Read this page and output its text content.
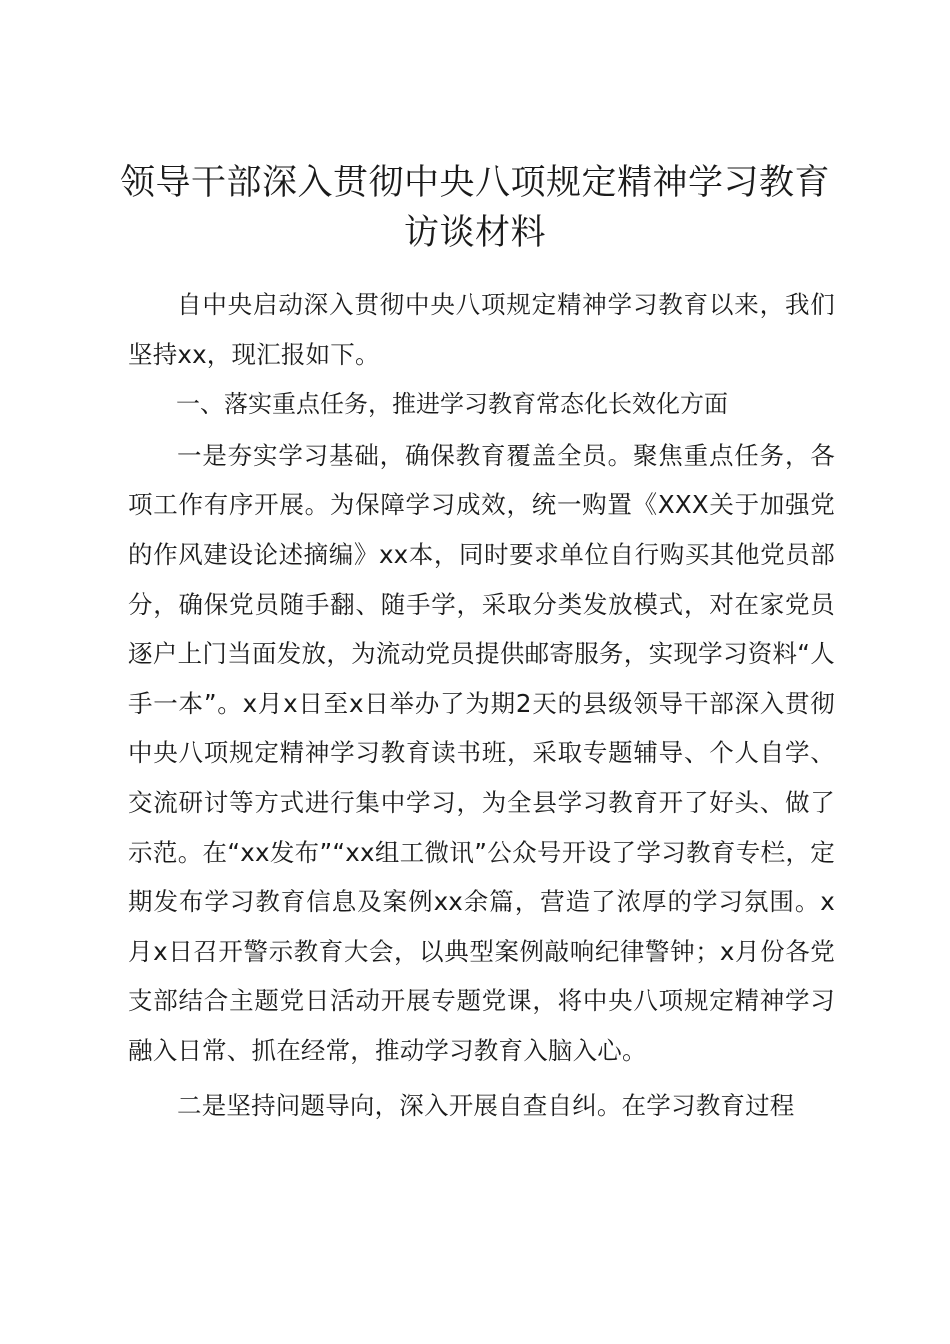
领导干部深入贯彻中央八项规定精神学习教育
访谈材料

自中央启动深入贯彻中央八项规定精神学习教育以来，我们坚持xx，现汇报如下。

一、落实重点任务，推进学习教育常态化长效化方面

一是夯实学习基础，确保教育覆盖全员。聚焦重点任务，各项工作有序开展。为保障学习成效，统一购置《XXX关于加强党的作风建设论述摘编》xx本，同时要求单位自行购买其他党员部分，确保党员随手翻、随手学，采取分类发放模式，对在家党员逐户上门当面发放，为流动党员提供邮寄服务，实现学习资料“人手一本”。x月x日至x日举办了为期2天的县级领导干部深入贯彻中央八项规定精神学习教育读书班，采取专题辅导、个人自学、交流研讨等方式进行集中学习，为全县学习教育开了好头、做了示范。在“xx发布”“xx组工微讯”公众号开设了学习教育专栏，定期发布学习教育信息及案例xx余篇，营造了浓厚的学习氛围。x月x日召开警示教育大会，以典型案例敲响纪律警钟；x月份各党支部结合主题党日活动开展专题党课，将中央八项规定精神学习融入日常、抓在经常，推动学习教育入脑入心。

二是坚持问题导向，深入开展自查自纠。在学习教育过程
